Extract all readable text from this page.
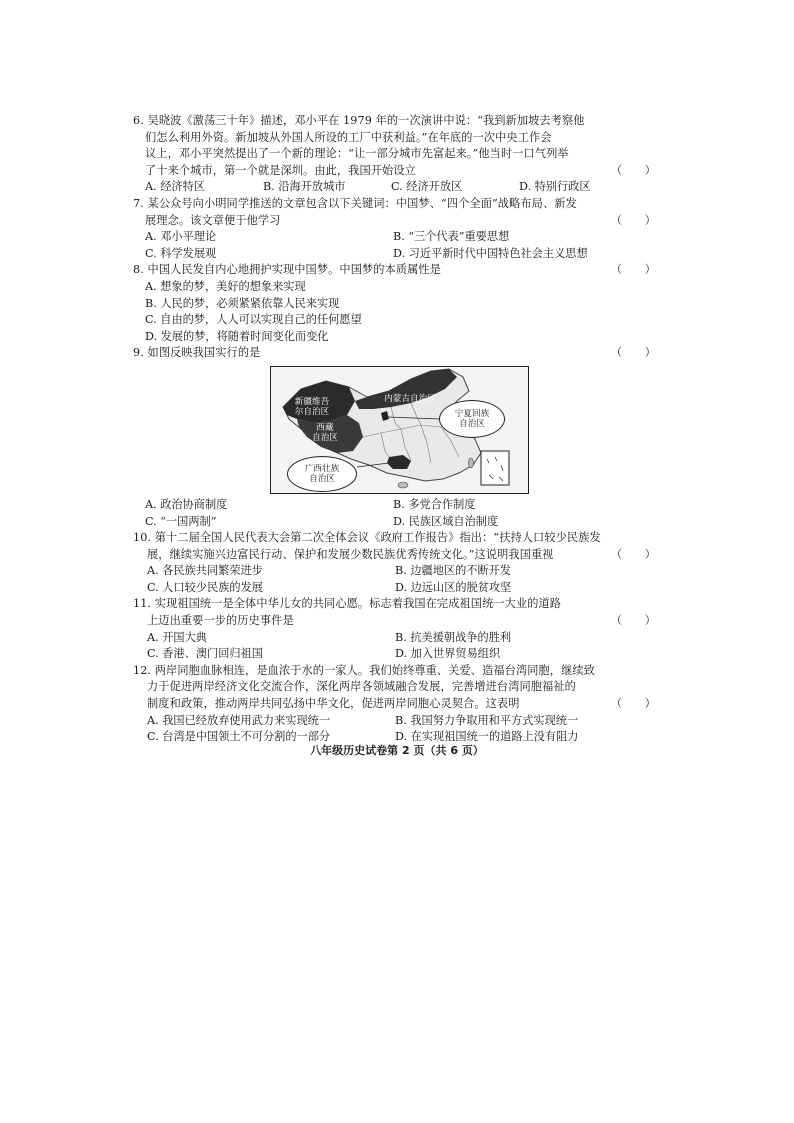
6. 吴晓波《激荡三十年》描述，邓小平在 1979 年的一次演讲中说：“我到新加坡去考察他
们怎么利用外资。新加坡从外国人所设的工厂中获利益。”在年底的一次中央工作会
议上，邓小平突然提出了一个新的理论：“让一部分城市先富起来。”他当时一口气列举
了十来个城市，第一个就是深圳。由此，我国开始设立	（　　）
A. 经济特区	B. 沿海开放城市	C. 经济开放区	D. 特别行政区
7. 某公众号向小明同学推送的文章包含以下关键词：中国梦、“四个全面”战略布局、新发
展理念。该文章便于他学习	（　　）
A. 邓小平理论	B. “三个代表”重要思想
C. 科学发展观	D. 习近平新时代中国特色社会主义思想
8. 中国人民发自内心地拥护实现中国梦。中国梦的本质属性是	（　　）
A. 想象的梦，美好的想象来实现
B. 人民的梦，必须紧紧依靠人民来实现
C. 自由的梦，人人可以实现自己的任何愿望
D. 发展的梦，将随着时间变化而变化
9. 如图反映我国实行的是	（　　）
新疆维吾
尔自治区
内蒙古自治区
西藏
自治区
宁夏回族
自治区
广西壮族
自治区
A. 政治协商制度	B. 多党合作制度
C. “一国两制”	D. 民族区域自治制度
10. 第十二届全国人民代表大会第二次全体会议《政府工作报告》指出：“扶持人口较少民族发
展，继续实施兴边富民行动、保护和发展少数民族优秀传统文化。”这说明我国重视	（　　）
A. 各民族共同繁荣进步	B. 边疆地区的不断开发
C. 人口较少民族的发展	D. 边远山区的脱贫攻坚
11. 实现祖国统一是全体中华儿女的共同心愿。标志着我国在完成祖国统一大业的道路
上迈出重要一步的历史事件是	（　　）
A. 开国大典	B. 抗美援朝战争的胜利
C. 香港、澳门回归祖国	D. 加入世界贸易组织
12. 两岸同胞血脉相连，是血浓于水的一家人。我们始终尊重、关爱、造福台湾同胞，继续致
力于促进两岸经济文化交流合作，深化两岸各领域融合发展，完善增进台湾同胞福祉的
制度和政策，推动两岸共同弘扬中华文化，促进两岸同胞心灵契合。这表明	（　　）
A. 我国已经放弃使用武力来实现统一	B. 我国努力争取用和平方式实现统一
C. 台湾是中国领土不可分割的一部分	D. 在实现祖国统一的道路上没有阻力
八年级历史试卷第 2 页（共 6 页）
